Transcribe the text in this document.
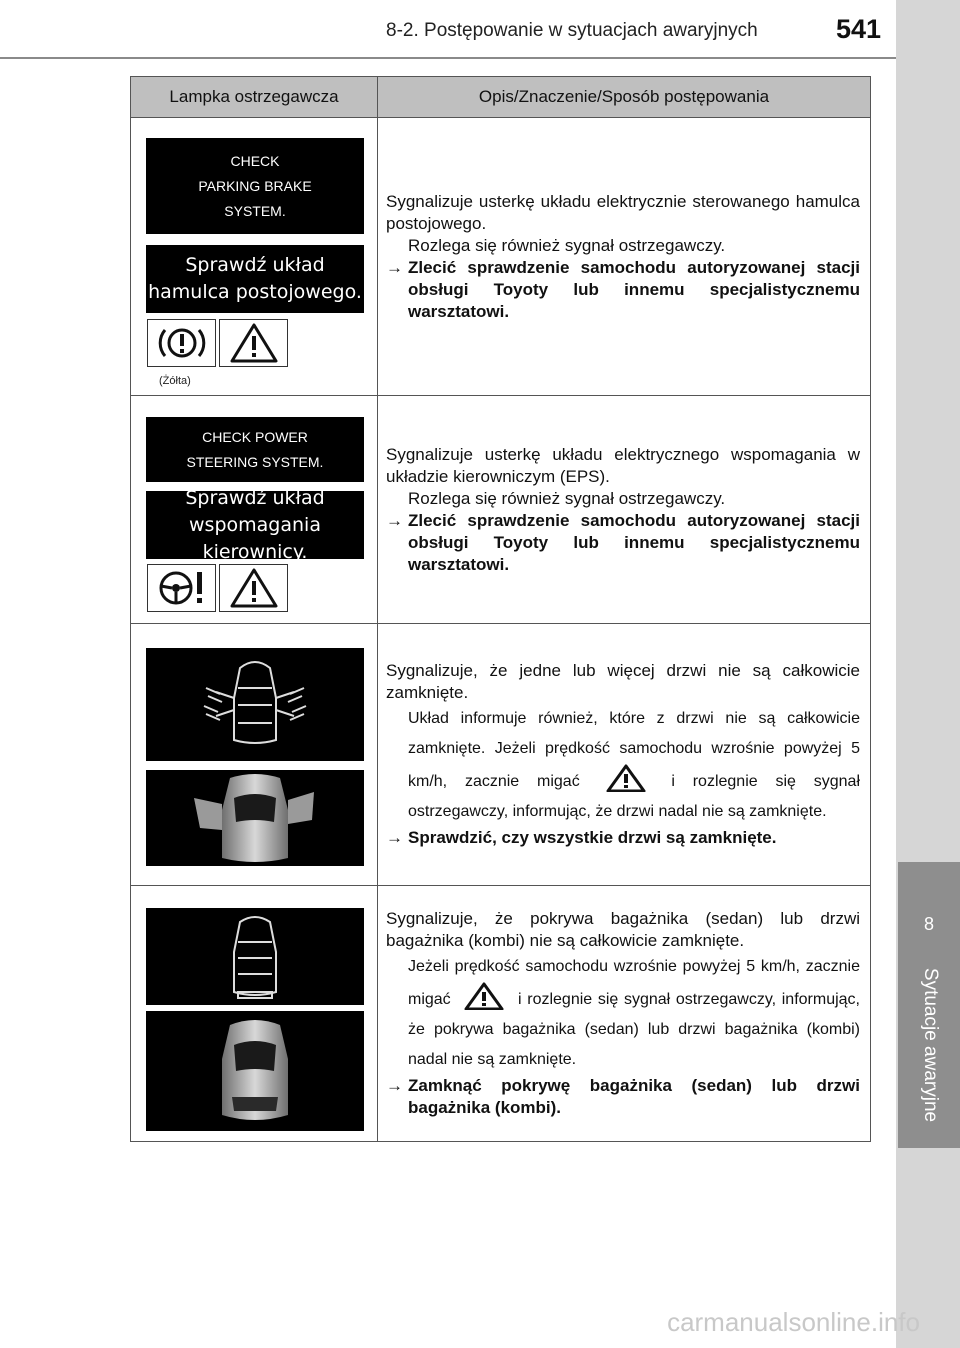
8-2. Postępowanie w sytuacjach awaryjnych	541
8
Sytuacje awaryjne
Lampka ostrzegawcza	Opis/Znaczenie/Sposób postępowania
CHECK
PARKING BRAKE
SYSTEM.
Sprawdź układ
hamulca postojowego.
(Żółta)
Sygnalizuje usterkę układu elektrycznie sterowanego hamulca postojowego.
Rozlega się również sygnał ostrzegawczy.
→ Zlecić sprawdzenie samochodu autoryzowanej stacji obsługi Toyoty lub innemu specjalistycznemu warsztatowi.
CHECK POWER
STEERING SYSTEM.
Sprawdź układ
wspomagania kierownicy.
Sygnalizuje usterkę układu elektrycznego wspomagania w układzie kierowniczym (EPS).
Rozlega się również sygnał ostrzegawczy.
→ Zlecić sprawdzenie samochodu autoryzowanej stacji obsługi Toyoty lub innemu specjalistycznemu warsztatowi.
Sygnalizuje, że jedne lub więcej drzwi nie są całkowicie zamknięte.
Układ informuje również, które z drzwi nie są całkowicie zamknięte. Jeżeli prędkość samochodu wzrośnie powyżej 5 km/h, zacznie migać	i rozlegnie się sygnał ostrzegawczy, informując, że drzwi nadal nie są zamknięte.
→ Sprawdzić, czy wszystkie drzwi są zamknięte.
Sygnalizuje, że pokrywa bagażnika (sedan) lub drzwi bagażnika (kombi) nie są całkowicie zamknięte.
Jeżeli prędkość samochodu wzrośnie powyżej 5 km/h, zacznie migać	i rozlegnie się sygnał ostrzegawczy, informując, że pokrywa bagażnika (sedan) lub drzwi bagażnika (kombi) nadal nie są zamknięte.
→ Zamknąć pokrywę bagażnika (sedan) lub drzwi bagażnika (kombi).
carmanualsonline.info
